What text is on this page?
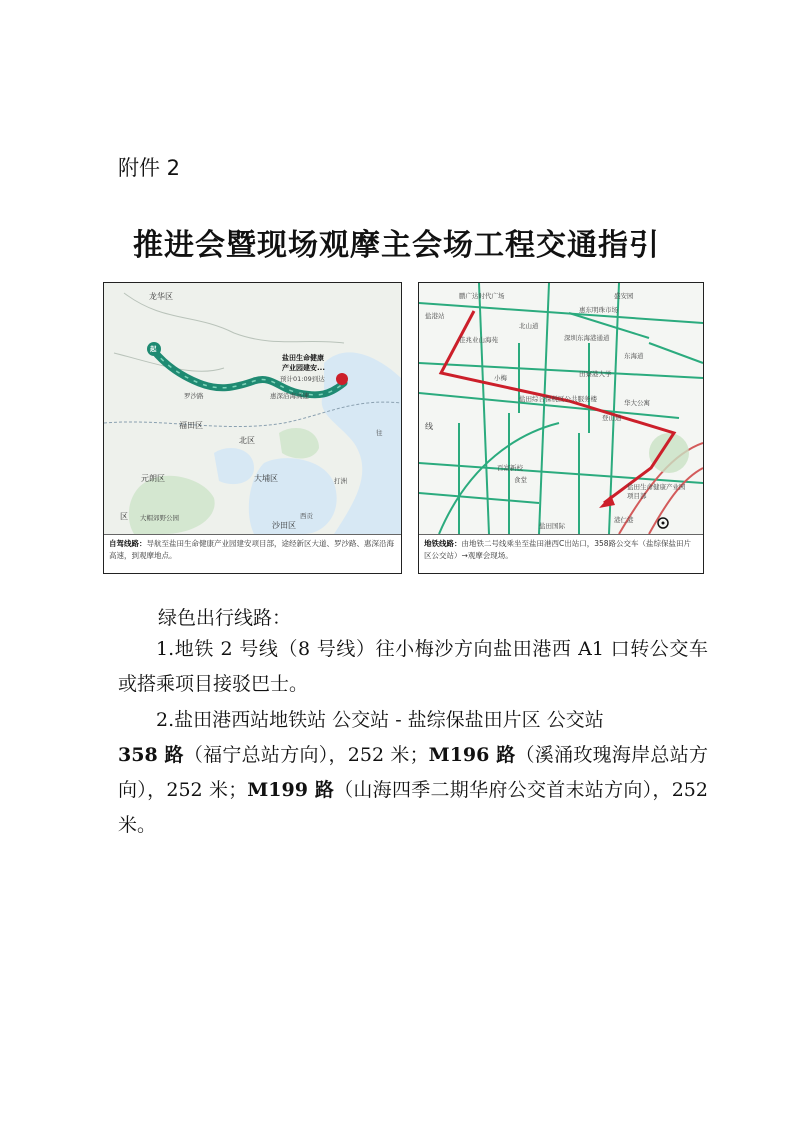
附件 2
推进会暨现场观摩主会场工程交通指引
龙华区
福田区
北区
元朗区	大埔区
沙田区
区 大帽郊野公园	西贡
打洲
往
盐田生命健康
产业园建安...
预计01:09到达
罗沙路	惠深沿海高速
起
自驾线路：导航至盐田生命健康产业园建安项目部，途经新区大道、罗沙路、惠深沿海高速，到观摩地点。
鹏广达时代广场	盛安园
惠东明珠市场
盐港站
深圳东海港通道
北山道
佳兆业山海苑
东海道
田寮港大学
小梅
华大公寓
登山道
盐田综合保税区公共服务楼
线
百富新校
食堂
盐田生命健康产业园项目部
盐田国际
港仁港
地铁线路：由地铁二号线乘坐至盐田港西C出站口，358路公交车（盐综保盐田片区公交站）→观摩会现场。
绿色出行线路：
1.地铁 2 号线（8 号线）往小梅沙方向盐田港西 A1 口转公交车或搭乘项目接驳巴士。
2.盐田港西站地铁站 公交站 - 盐综保盐田片区 公交站
358 路（福宁总站方向），252 米；M196 路（溪涌玫瑰海岸总站方向），252 米；M199 路（山海四季二期华府公交首末站方向），252 米。
